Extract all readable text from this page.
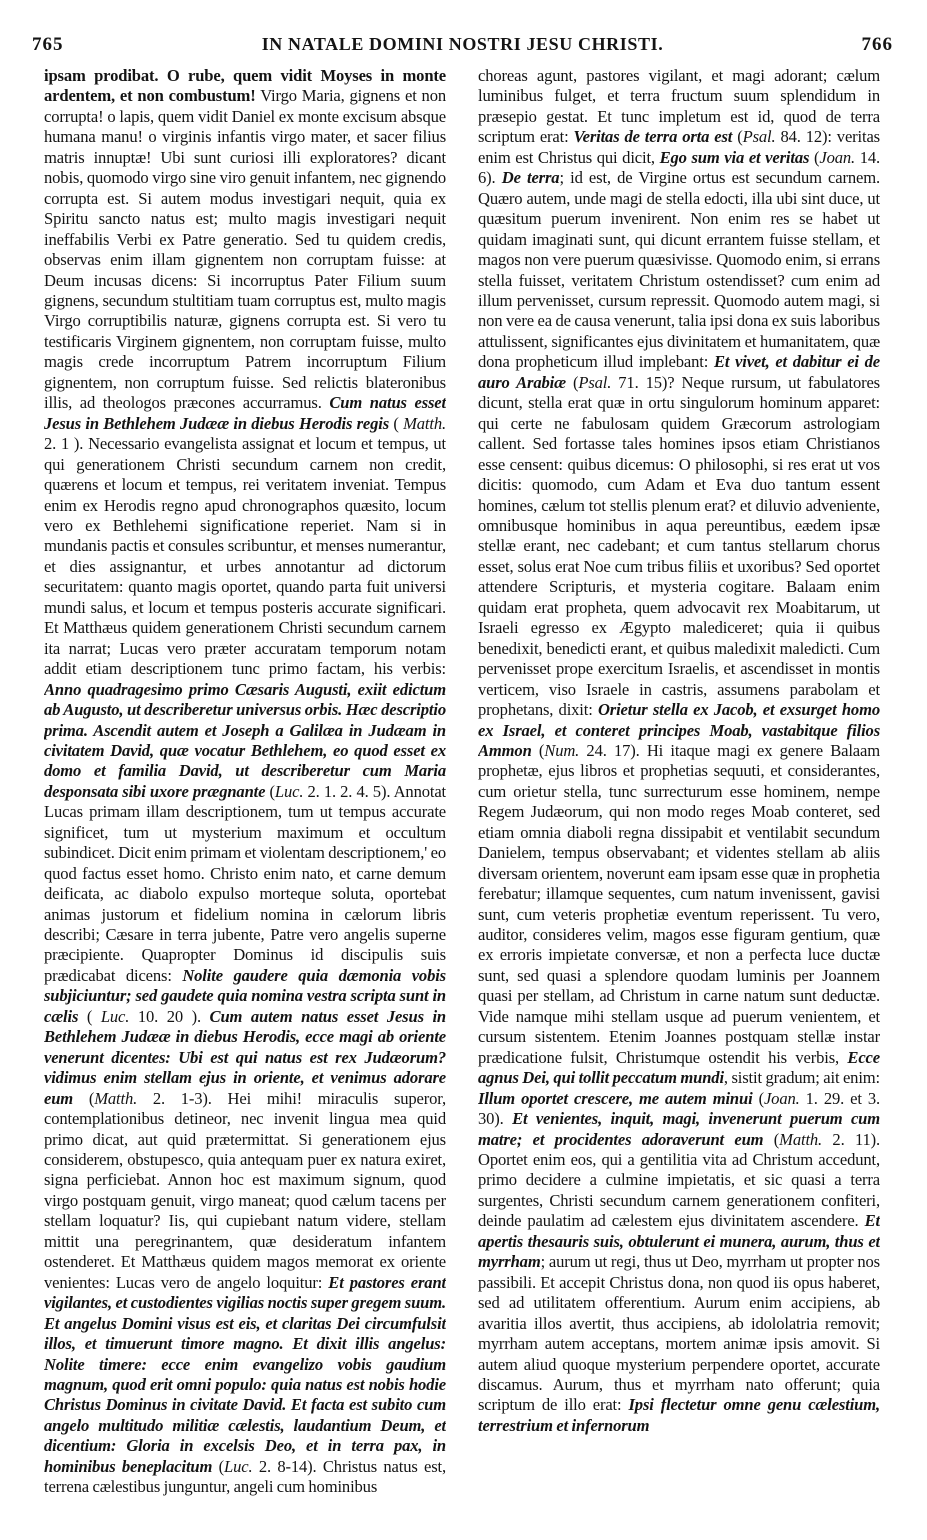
765	IN NATALE DOMINI NOSTRI JESU CHRISTI.	766

ipsam prodibat. O rube, quem vidit Moyses in monte ardentem, et non combustum! Virgo Maria, gignens et non corrupta! o lapis, quem vidit Daniel ex monte excisum absque humana manu! o virginis infantis virgo mater, et sacer filius matris innuptæ! Ubi sunt curiosi illi exploratores? dicant nobis, quomodo virgo sine viro genuit infantem, nec gignendo corrupta est. Si autem modus investigari nequit, quia ex Spiritu sancto natus est; multo magis investigari nequit ineffabilis Verbi ex Patre generatio. Sed tu quidem credis, observas enim illam gignentem non corruptam fuisse: at Deum incusas dicens: Si incorruptus Pater Filium suum gignens, secundum stultitiam tuam corruptus est, multo magis Virgo corruptibilis naturæ, gignens corrupta est. Si vero tu testificaris Virginem gignentem, non corruptam fuisse, multo magis crede incorruptum Patrem incorruptum Filium gignentem, non corruptum fuisse. Sed relictis blateronibus illis, ad theologos præcones accurramus. Cum natus esset Jesus in Bethlehem Judææ in diebus Herodis regis ( Matth. 2. 1 ). Necessario evangelista assignat et locum et tempus, ut qui generationem Christi secundum carnem non credit, quærens et locum et tempus, rei veritatem inveniat. Tempus enim ex Herodis regno apud chronographos quæsito, locum vero ex Bethlehemi significatione reperiet. Nam si in mundanis pactis et consules scribuntur, et menses numerantur, et dies assignantur, et urbes annotantur ad dictorum securitatem: quanto magis oportet, quando parta fuit universi mundi salus, et locum et tempus posteris accurate significari. Et Matthæus quidem generationem Christi secundum carnem ita narrat; Lucas vero præter accuratam temporum notam addit etiam descriptionem tunc primo factam, his verbis: Anno quadragesimo primo Cæsaris Augusti, exiit edictum ab Augusto, ut describeretur universus orbis. Hæc descriptio prima. Ascendit autem et Joseph a Galilæa in Judæam in civitatem David, quæ vocatur Bethlehem, eo quod esset ex domo et familia David, ut describeretur cum Maria desponsata sibi uxore prægnante (Luc. 2. 1. 2. 4. 5). Annotat Lucas primam illam descriptionem, tum ut tempus accurate significet, tum ut mysterium maximum et occultum subindicet. Dicit enim primam et violentam descriptionem,' eo quod factus esset homo. Christo enim nato, et carne demum deificata, ac diabolo expulso morteque soluta, oportebat animas justorum et fidelium nomina in cælorum libris describi; Cæsare in terra jubente, Patre vero angelis superne præcipiente. Quapropter Dominus id discipulis suis prædicabat dicens: Nolite gaudere quia dæmonia vobis subjiciuntur; sed gaudete quia nomina vestra scripta sunt in cælis ( Luc. 10. 20 ). Cum autem natus esset Jesus in Bethlehem Judææ in diebus Herodis, ecce magi ab oriente venerunt dicentes: Ubi est qui natus est rex Judæorum? vidimus enim stellam ejus in oriente, et venimus adorare eum (Matth. 2. 1-3). Hei mihi! miraculis superor, contemplationibus detineor, nec invenit lingua mea quid primo dicat, aut quid prætermittat. Si generationem ejus considerem, obstupesco, quia antequam puer ex natura exiret, signa perficiebat. Annon hoc est maximum signum, quod virgo postquam genuit, virgo maneat; quod cælum tacens per stellam loquatur? Iis, qui cupiebant natum videre, stellam mittit una peregrinantem, quæ desideratum infantem ostenderet. Et Matthæus quidem magos memorat ex oriente venientes: Lucas vero de angelo loquitur: Et pastores erant vigilantes, et custodientes vigilias noctis super gregem suum. Et angelus Domini visus est eis, et claritas Dei circumfulsit illos, et timuerunt timore magno. Et dixit illis angelus: Nolite timere: ecce enim evangelizo vobis gaudium magnum, quod erit omni populo: quia natus est nobis hodie Christus Dominus in civitate David. Et facta est subito cum angelo multitudo militiæ cælestis, laudantium Deum, et dicentium: Gloria in excelsis Deo, et in terra pax, in hominibus beneplacitum (Luc. 2. 8-14). Christus natus est, terrena cælestibus junguntur, angeli cum hominibus

choreas agunt, pastores vigilant, et magi adorant; cælum luminibus fulget, et terra fructum suum splendidum in præsepio gestat. Et tunc impletum est id, quod de terra scriptum erat: Veritas de terra orta est (Psal. 84. 12): veritas enim est Christus qui dicit, Ego sum via et veritas (Joan. 14. 6). De terra; id est, de Virgine ortus est secundum carnem. Quæro autem, unde magi de stella edocti, illa ubi sint duce, ut quæsitum puerum invenirent. Non enim res se habet ut quidam imaginati sunt, qui dicunt errantem fuisse stellam, et magos non vere puerum quæsivisse. Quomodo enim, si errans stella fuisset, veritatem Christum ostendisset? cum enim ad illum pervenisset, cursum repressit. Quomodo autem magi, si non vere ea de causa venerunt, talia ipsi dona ex suis laboribus attulissent, significantes ejus divinitatem et humanitatem, quæ dona propheticum illud implebant: Et vivet, et dabitur ei de auro Arabiæ (Psal. 71. 15)? Neque rursum, ut fabulatores dicunt, stella erat quæ in ortu singulorum hominum apparet: qui certe ne fabulosam quidem Græcorum astrologiam callent. Sed fortasse tales homines ipsos etiam Christianos esse censent: quibus dicemus: O philosophi, si res erat ut vos dicitis: quomodo, cum Adam et Eva duo tantum essent homines, cælum tot stellis plenum erat? et diluvio adveniente, omnibusque hominibus in aqua pereuntibus, eædem ipsæ stellæ erant, nec cadebant; et cum tantus stellarum chorus esset, solus erat Noe cum tribus filiis et uxoribus? Sed oportet attendere Scripturis, et mysteria cogitare. Balaam enim quidam erat propheta, quem advocavit rex Moabitarum, ut Israeli egresso ex Ægypto malediceret; quia ii quibus benedixit, benedicti erant, et quibus maledixit maledicti. Cum pervenisset prope exercitum Israelis, et ascendisset in montis verticem, viso Israele in castris, assumens parabolam et prophetans, dixit: Orietur stella ex Jacob, et exsurget homo ex Israel, et conteret principes Moab, vastabitque filios Ammon (Num. 24. 17). Hi itaque magi ex genere Balaam prophetæ, ejus libros et prophetias sequuti, et considerantes, cum orietur stella, tunc surrecturum esse hominem, nempe Regem Judæorum, qui non modo reges Moab conteret, sed etiam omnia diaboli regna dissipabit et ventilabit secundum Danielem, tempus observabant; et videntes stellam ab aliis diversam orientem, noverunt eam ipsam esse quæ in prophetia ferebatur; illamque sequentes, cum natum invenissent, gavisi sunt, cum veteris prophetiæ eventum reperissent. Tu vero, auditor, consideres velim, magos esse figuram gentium, quæ ex erroris impietate conversæ, et non a perfecta luce ductæ sunt, sed quasi a splendore quodam luminis per Joannem quasi per stellam, ad Christum in carne natum sunt deductæ. Vide namque mihi stellam usque ad puerum venientem, et cursum sistentem. Etenim Joannes postquam stellæ instar prædicatione fulsit, Christumque ostendit his verbis, Ecce agnus Dei, qui tollit peccatum mundi, sistit gradum; ait enim: Illum oportet crescere, me autem minui (Joan. 1. 29. et 3. 30). Et venientes, inquit, magi, invenerunt puerum cum matre; et procidentes adoraverunt eum (Matth. 2. 11). Oportet enim eos, qui a gentilitia vita ad Christum accedunt, primo decidere a culmine impietatis, et sic quasi a terra surgentes, Christi secundum carnem generationem confiteri, deinde paulatim ad cælestem ejus divinitatem ascendere. Et apertis thesauris suis, obtulerunt ei munera, aurum, thus et myrrham; aurum ut regi, thus ut Deo, myrrham ut propter nos passibili. Et accepit Christus dona, non quod iis opus haberet, sed ad utilitatem offerentium. Aurum enim accipiens, ab avaritia illos avertit, thus accipiens, ab idololatria removit; myrrham autem acceptans, mortem animæ ipsis amovit. Si autem aliud quoque mysterium perpendere oportet, accurate discamus. Aurum, thus et myrrham nato offerunt; quia scriptum de illo erat: Ipsi flectetur omne genu cælestium, terrestrium et infernorum
